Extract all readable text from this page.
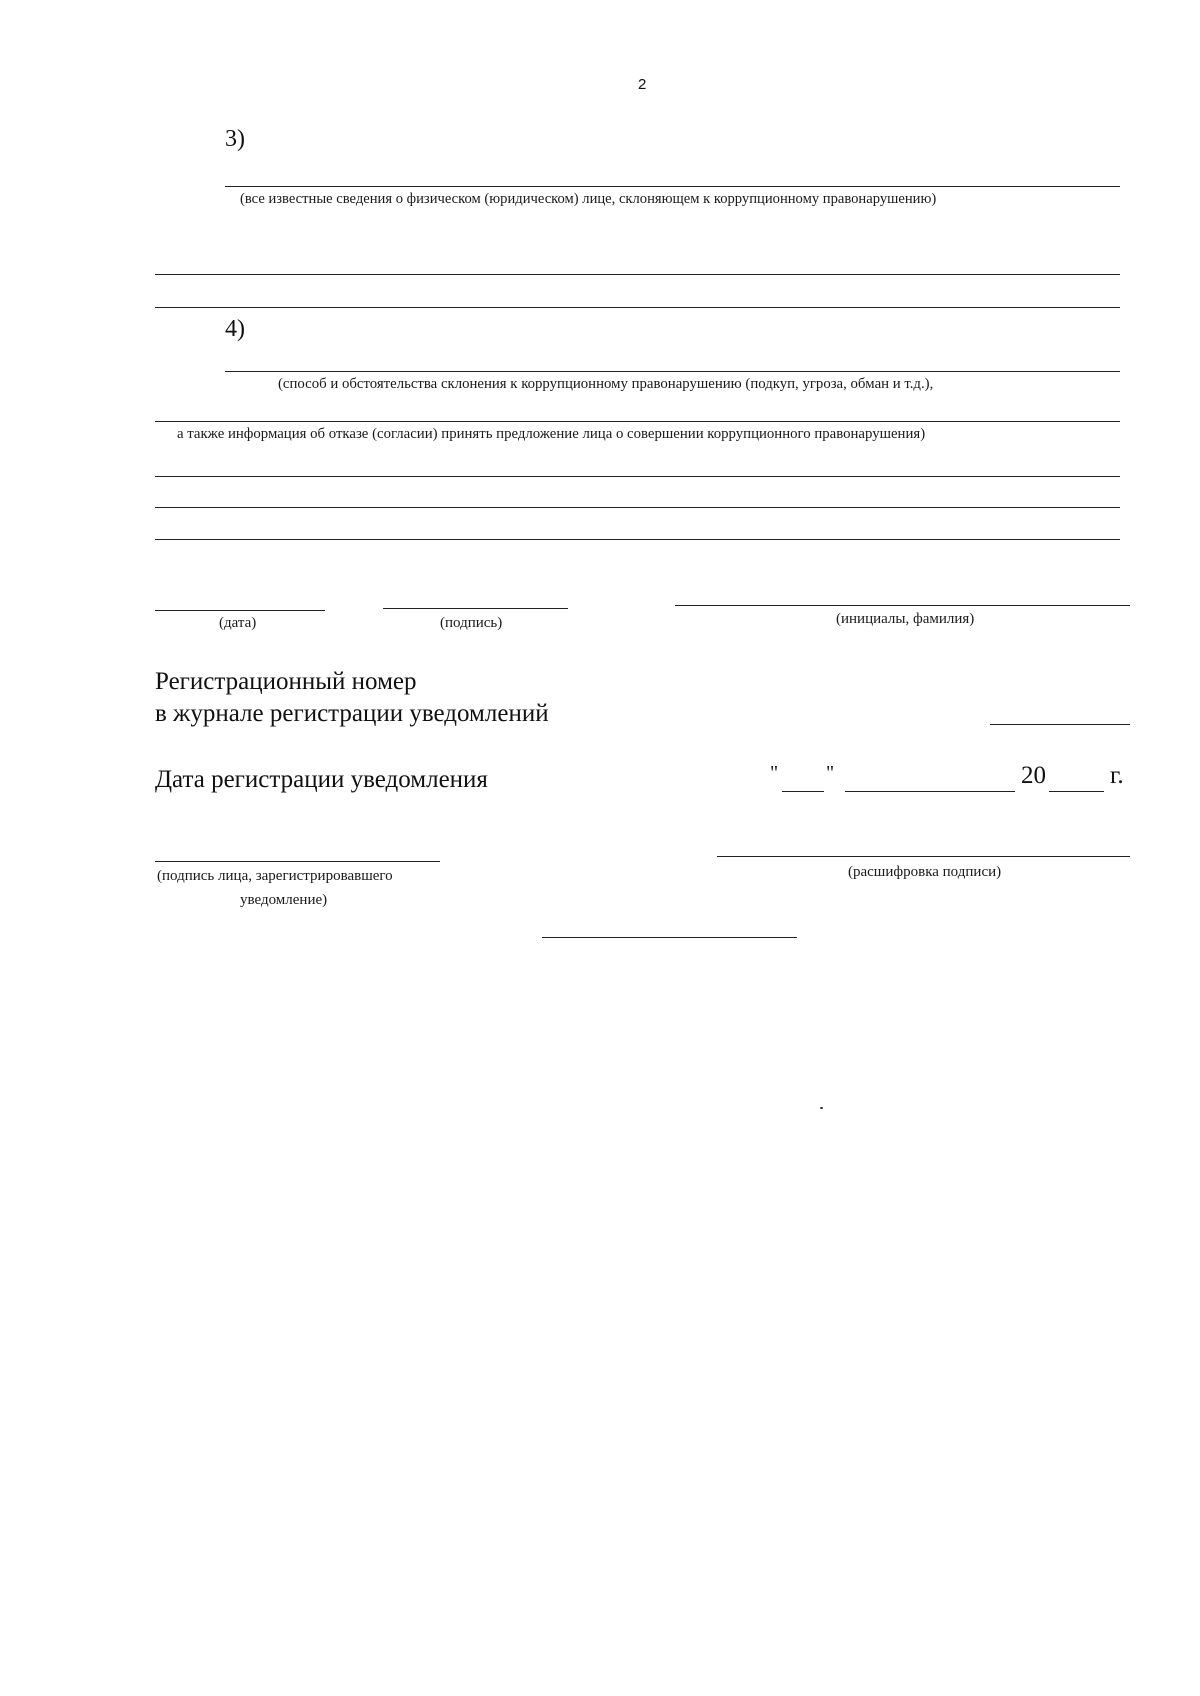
2
3)
(все известные сведения о физическом (юридическом) лице, склоняющем к коррупционному правонарушению)
4)
(способ и обстоятельства склонения к коррупционному правонарушению (подкуп, угроза, обман и т.д.),
а также информация об отказе (согласии) принять предложение лица о совершении коррупционного правонарушения)
(дата)	(подпись)	(инициалы, фамилия)
Регистрационный номер
в журнале регистрации уведомлений
Дата регистрации уведомления	" "	20	г.
(подпись лица, зарегистрировавшего
уведомление)
(расшифровка подписи)
